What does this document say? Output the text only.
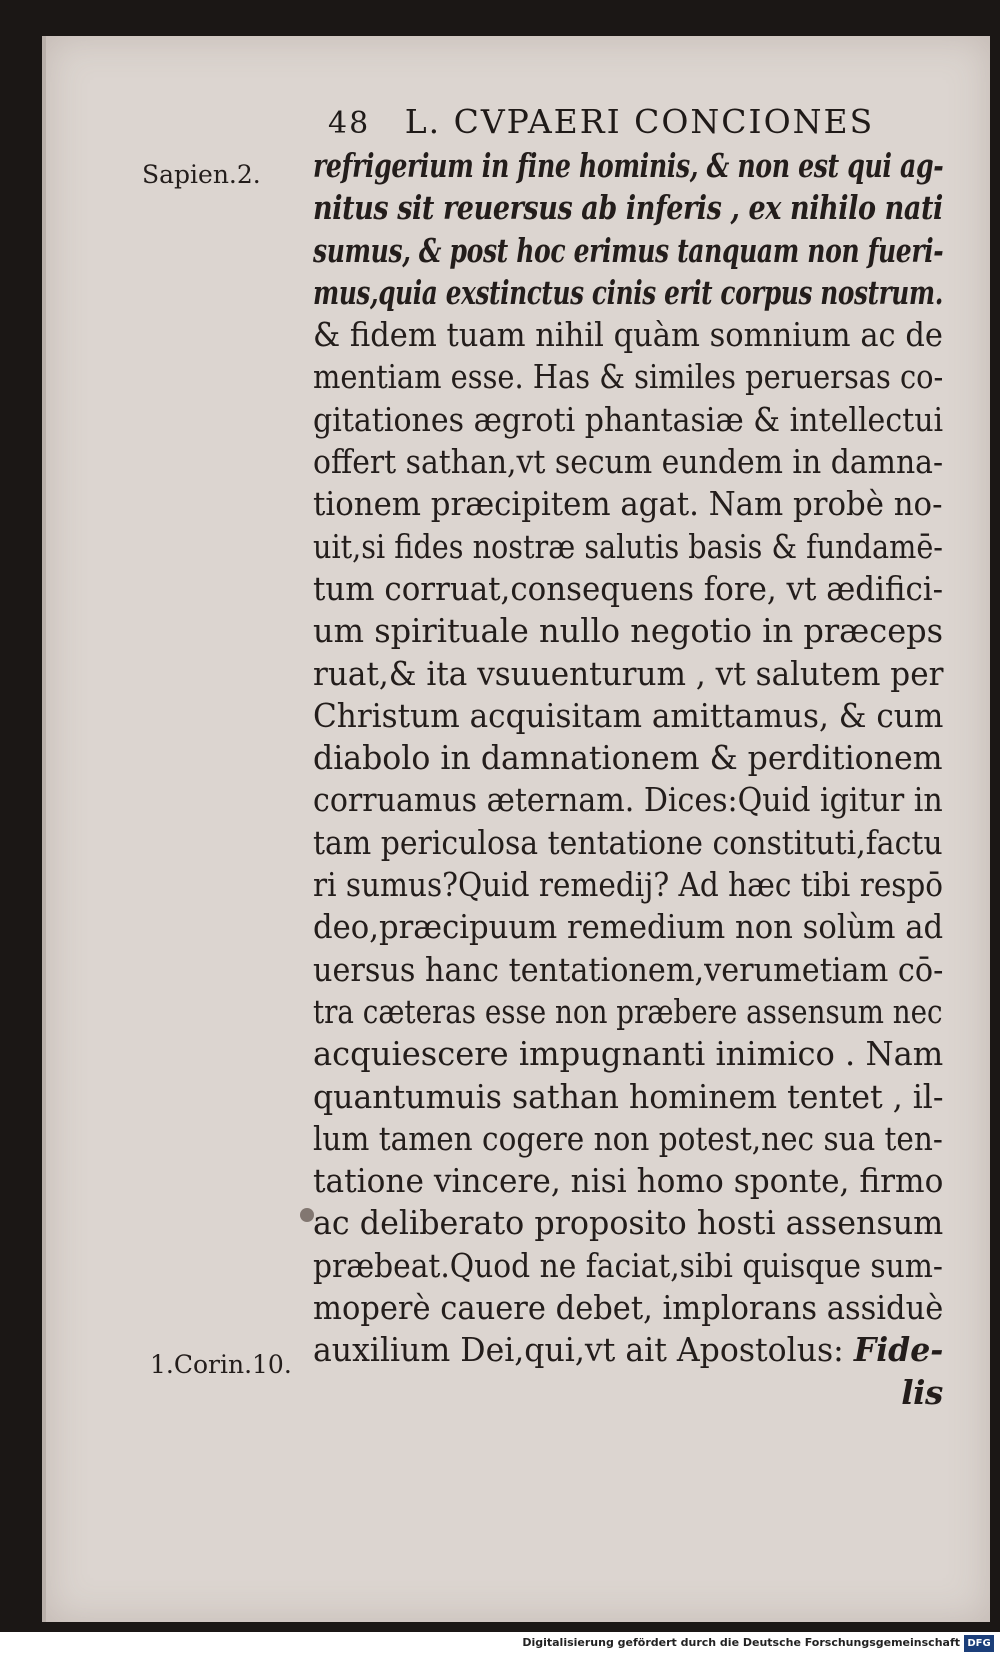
48 L. CVPAERI CONCIONES
Sapien.2.
1.Corin.10.
refrigerium in fine hominis, & non est qui ag-
nitus sit reuersus ab inferis , ex nihilo nati
sumus, & post hoc erimus tanquam non fueri-
mus,quia exstinctus cinis erit corpus nostrum.
& fidem tuam nihil quàm somnium ac de
mentiam esse. Has & similes peruersas co-
gitationes ægroti phantasiæ & intellectui
offert sathan,vt secum eundem in damna-
tionem præcipitem agat. Nam probè no-
uit,si fides nostræ salutis basis & fundamē-
tum corruat,consequens fore, vt ædifici-
um spirituale nullo negotio in præceps
ruat,& ita vsuuenturum , vt salutem per
Christum acquisitam amittamus, & cum
diabolo in damnationem & perditionem
corruamus æternam. Dices:Quid igitur in
tam periculosa tentatione constituti,factu
ri sumus?Quid remedij? Ad hæc tibi respō
deo,præcipuum remedium non solùm ad
uersus hanc tentationem,verumetiam cō-
tra cæteras esse non præbere assensum nec
acquiescere impugnanti inimico . Nam
quantumuis sathan hominem tentet , il-
lum tamen cogere non potest,nec sua ten-
tatione vincere, nisi homo sponte, firmo
ac deliberato proposito hosti assensum
præbeat.Quod ne faciat,sibi quisque sum-
moperè cauere debet, implorans assiduè
auxilium Dei,qui,vt ait Apostolus: Fide-
lis
Digitalisierung gefördert durch die Deutsche Forschungsgemeinschaft DFG
